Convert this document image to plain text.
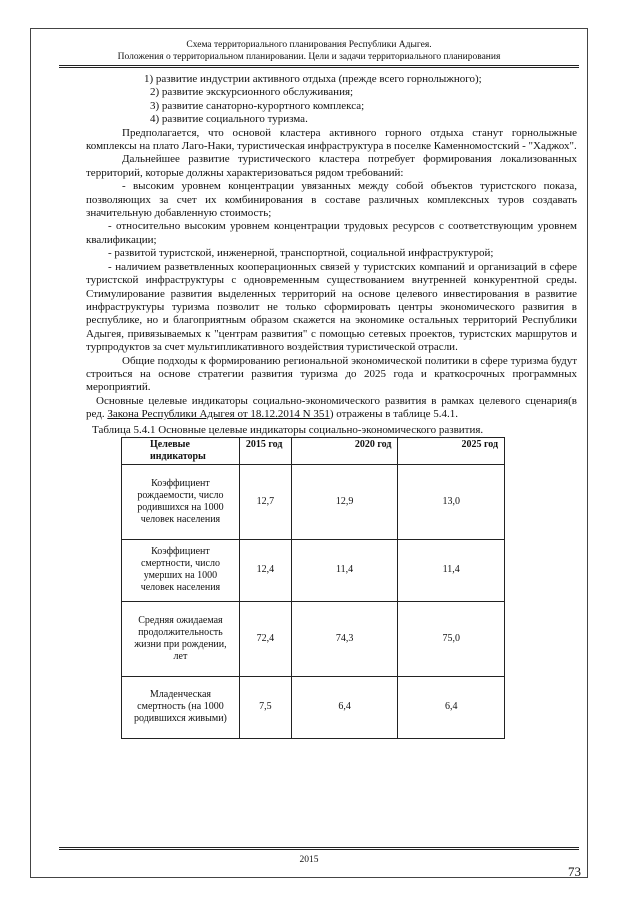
Схема территориального планирования Республики Адыгея.
Положения о территориальном планировании. Цели и задачи территориального планирования
1) развитие индустрии активного отдыха (прежде всего горнолыжного);
2) развитие экскурсионного обслуживания;
3) развитие санаторно-курортного комплекса;
4) развитие социального туризма.

Предполагается, что основой кластера активного горного отдыха станут горнолыжные комплексы на плато Лаго-Наки, туристическая инфраструктура в поселке Каменномостский - "Хаджох".

Дальнейшее развитие туристического кластера потребует формирования локализованных территорий, которые должны характеризоваться рядом требований:

- высоким уровнем концентрации увязанных между собой объектов туристского показа, позволяющих за счет их комбинирования в составе различных комплексных туров создавать значительную добавленную стоимость;

- относительно высоким уровнем концентрации трудовых ресурсов с соответствующим уровнем квалификации;

- развитой туристской, инженерной, транспортной, социальной инфраструктурой;

- наличием разветвленных кооперационных связей у туристских компаний и организаций в сфере туристской инфраструктуры с одновременным существованием внутренней конкурентной среды. Стимулирование развития выделенных территорий на основе целевого инвестирования в развитие инфраструктуры туризма позволит не только сформировать центры экономического развития в республике, но и благоприятным образом скажется на экономике остальных территорий Республики Адыгея, привязываемых к "центрам развития" с помощью сетевых проектов, туристских маршрутов и турпродуктов за счет мультипликативного воздействия туристической отрасли.

Общие подходы к формированию региональной экономической политики в сфере туризма будут строиться на основе стратегии развития туризма до 2025 года и краткосрочных программных мероприятий.

Основные целевые индикаторы социально-экономического развития в рамках целевого сценария(в ред. Закона Республики Адыгея от 18.12.2014 N 351) отражены в таблице 5.4.1.

Таблица 5.4.1 Основные целевые индикаторы социально-экономического развития.
Целевые индикаторы	2015 год	2020 год	2025 год
Коэффициент рождаемости, число родившихся на 1000 человек населения	12,7	12,9	13,0
Коэффициент смертности, число умерших на 1000 человек населения	12,4	11,4	11,4
Средняя ожидаемая продолжительность жизни при рождении, лет	72,4	74,3	75,0
Младенческая смертность (на 1000 родившихся живыми)	7,5	6,4	6,4
2015
73
